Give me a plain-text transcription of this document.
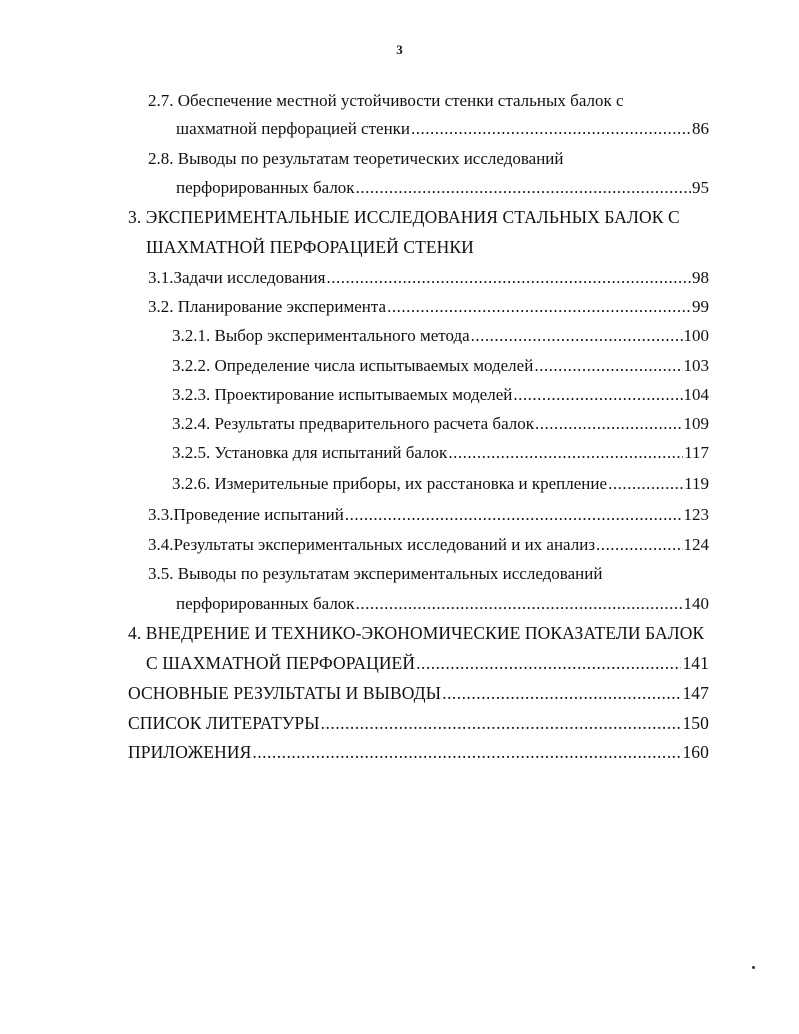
3
2.7. Обеспечение местной устойчивости стенки стальных балок с
шахматной перфорацией стенки .....	86
2.8. Выводы по результатам теоретических исследований
перфорированных балок .....	95
3. ЭКСПЕРИМЕНТАЛЬНЫЕ ИССЛЕДОВАНИЯ СТАЛЬНЫХ БАЛОК С
ШАХМАТНОЙ ПЕРФОРАЦИЕЙ СТЕНКИ
3.1.Задачи исследования .....	98
3.2. Планирование эксперимента .....	99
3.2.1. Выбор экспериментального метода .....	100
3.2.2. Определение числа испытываемых моделей .....	103
3.2.3. Проектирование испытываемых моделей .....	104
3.2.4. Результаты предварительного расчета балок .....	109
3.2.5. Установка для испытаний балок .....	117
3.2.6. Измерительные приборы, их расстановка и крепление .....	119
3.3.Проведение испытаний .....	123
3.4.Результаты экспериментальных исследований и их анализ .....	124
3.5. Выводы по результатам экспериментальных исследований
перфорированных балок .....	140
4. ВНЕДРЕНИЕ И ТЕХНИКО-ЭКОНОМИЧЕСКИЕ ПОКАЗАТЕЛИ БАЛОК
С ШАХМАТНОЙ ПЕРФОРАЦИЕЙ .....	141
ОСНОВНЫЕ РЕЗУЛЬТАТЫ И ВЫВОДЫ .....	147
СПИСОК ЛИТЕРАТУРЫ .....	150
ПРИЛОЖЕНИЯ .....	160
